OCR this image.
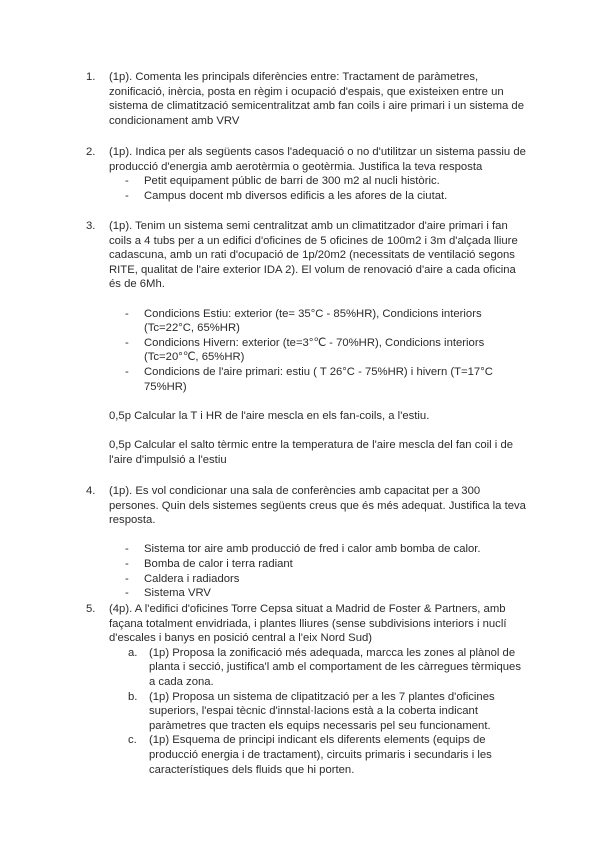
1. (1p). Comenta les principals diferències entre: Tractament de paràmetres, zonificació, inèrcia, posta en règim i ocupació d'espais, que existeixen entre un sistema de climatització semicentralitzat amb fan coils i aire primari i un sistema de condicionament amb VRV

2. (1p). Indica per als següents casos l'adequació o no d'utilitzar un sistema passiu de producció d'energia amb aerotèrmia o geotèrmia. Justifica la teva resposta

- Petit equipament públic de barri de 300 m2 al nucli històric.
- Campus docent mb diversos edificis a les afores de la ciutat.
3. (1p). Tenim un sistema semi centralitzat amb un climatitzador d'aire primari i fan coils a 4 tubs per a un edifici d'oficines de 5 oficines de 100m2 i 3m d'alçada lliure cadascuna, amb un rati d'ocupació de 1p/20m2 (necessitats de ventilació segons RITE, qualitat de l'aire exterior IDA 2). El volum de renovació d'aire a cada oficina és de 6Mh.

- Condicions Estiu: exterior (te= 35°C - 85%HR), Condicions interiors (Tc=22°C, 65%HR)
- Condicions Hivern: exterior (te=3°℃ - 70%HR), Condicions interiors (Tc=20°℃, 65%HR)
- Condicions de l'aire primari: estiu ( T 26°C - 75%HR) i hivern (T=17°C 75%HR)

0,5p Calcular la T i HR de l'aire mescla en els fan-coils, a l'estiu.

0,5p Calcular el salto tèrmic entre la temperatura de l'aire mescla del fan coil i de l'aire d'impulsió a l'estiu

4. (1p). Es vol condicionar una sala de conferències amb capacitat per a 300 persones. Quin dels sistemes següents creus que és més adequat. Justifica la teva resposta.

- Sistema tor aire amb producció de fred i calor amb bomba de calor.
- Bomba de calor i terra radiant
- Caldera i radiadors
- Sistema VRV
5. (4p). A l'edifici d'oficines Torre Cepsa situat a Madrid de Foster & Partners, amb façana totalment envidriada, i plantes lliures (sense subdivisions interiors i nuclí d'escales i banys en posició central a l'eix Nord Sud)

a. (1p) Proposa la zonificació més adequada, marcca les zones al plànol de planta i secció, justifica'l amb el comportament de les càrregues tèrmiques a cada zona.
b. (1p) Proposa un sistema de clipatització per a les 7 plantes d'oficines superiors, l'espai tècnic d'innstal·lacions està a la coberta indicant paràmetres que tracten els equips necessaris pel seu funcionament.
c. (1p) Esquema de principi indicant els diferents elements (equips de producció energia i de tractament), circuits primaris i secundaris i les característiques dels fluids que hi porten.
